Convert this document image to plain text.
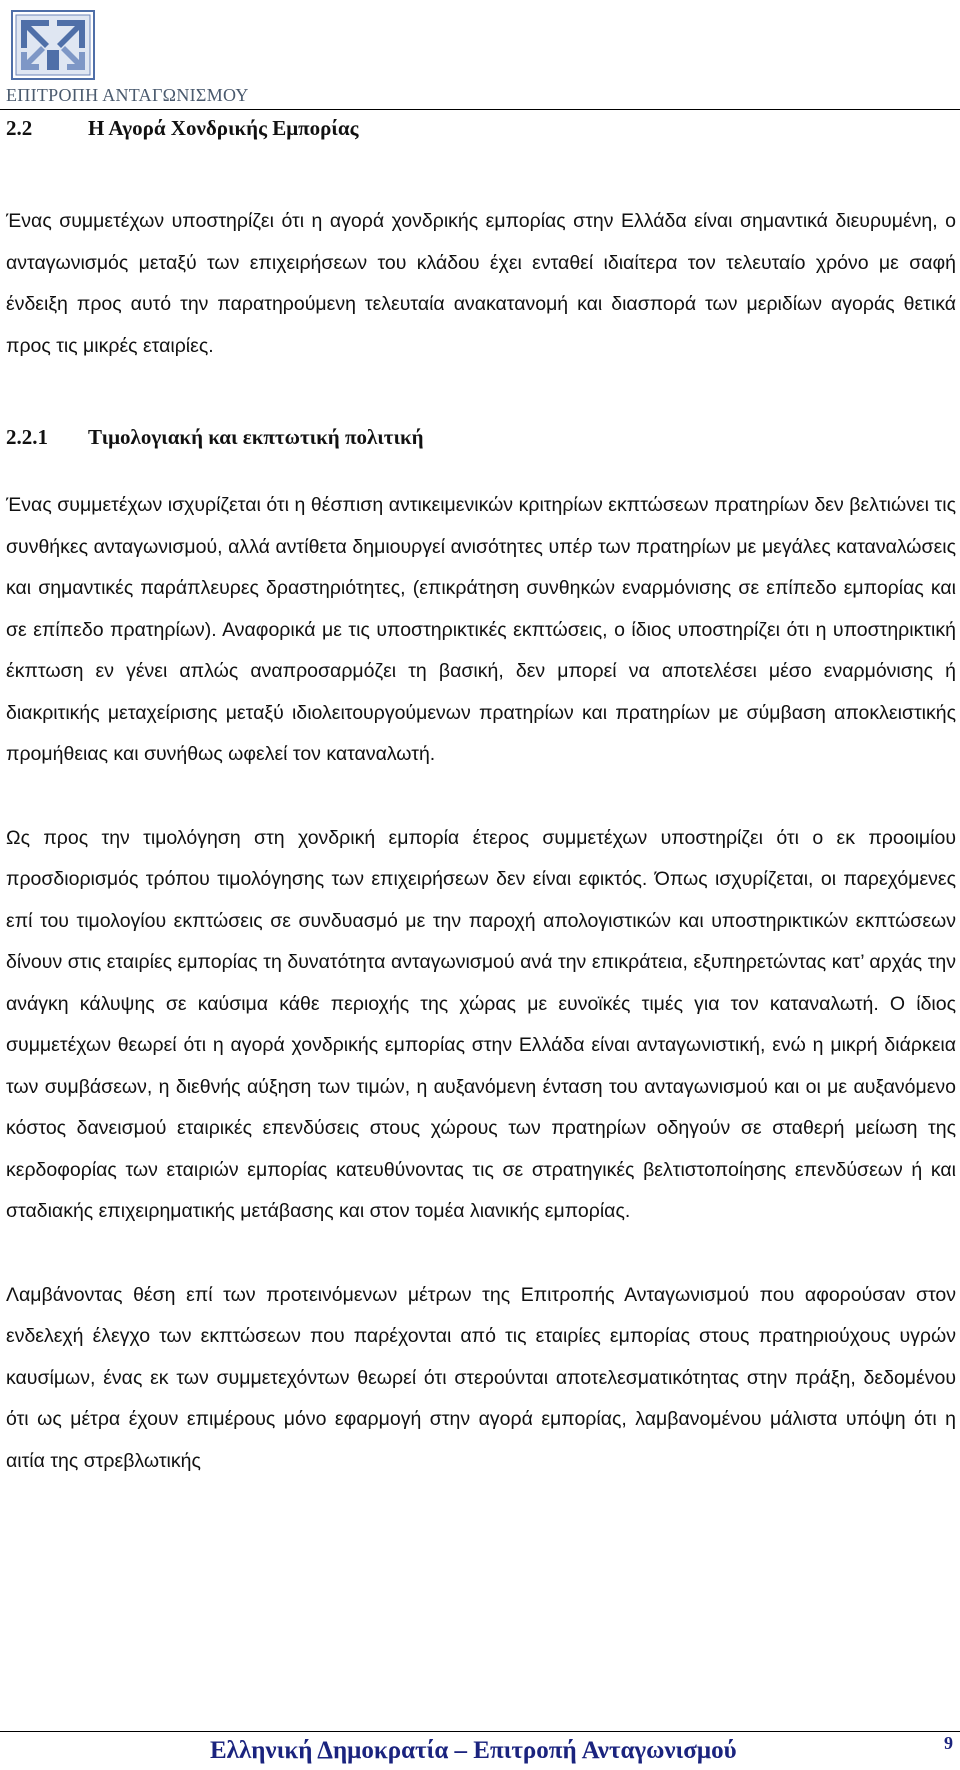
ΕΠΙΤΡΟΠΗ ΑΝΤΑΓΩΝΙΣΜΟΥ
2.2	Η Αγορά Χονδρικής Εμπορίας

Ένας συμμετέχων υποστηρίζει ότι η αγορά χονδρικής εμπορίας στην Ελλάδα είναι σημαντικά διευρυμένη, ο ανταγωνισμός μεταξύ των επιχειρήσεων του κλάδου έχει ενταθεί ιδιαίτερα τον τελευταίο χρόνο με σαφή ένδειξη προς αυτό την παρατηρούμενη τελευταία ανακατανομή και διασπορά των μεριδίων αγοράς θετικά προς τις μικρές εταιρίες.

2.2.1	Τιμολογιακή και εκπτωτική πολιτική

Ένας συμμετέχων ισχυρίζεται ότι η θέσπιση αντικειμενικών κριτηρίων εκπτώσεων πρατηρίων δεν βελτιώνει τις συνθήκες ανταγωνισμού, αλλά αντίθετα δημιουργεί ανισότητες υπέρ των πρατηρίων με μεγάλες καταναλώσεις και σημαντικές παράπλευρες δραστηριότητες, (επικράτηση συνθηκών εναρμόνισης σε επίπεδο εμπορίας και σε επίπεδο πρατηρίων). Αναφορικά με τις υποστηρικτικές εκπτώσεις, ο ίδιος υποστηρίζει ότι η υποστηρικτική έκπτωση εν γένει απλώς αναπροσαρμόζει τη βασική, δεν μπορεί να αποτελέσει μέσο εναρμόνισης ή διακριτικής μεταχείρισης μεταξύ ιδιολειτουργούμενων πρατηρίων και πρατηρίων με σύμβαση αποκλειστικής προμήθειας και συνήθως ωφελεί τον καταναλωτή.

Ως προς την τιμολόγηση στη χονδρική εμπορία έτερος συμμετέχων υποστηρίζει ότι ο εκ προοιμίου προσδιορισμός τρόπου τιμολόγησης των επιχειρήσεων δεν είναι εφικτός. Όπως ισχυρίζεται, οι παρεχόμενες επί του τιμολογίου εκπτώσεις σε συνδυασμό με την παροχή απολογιστικών και υποστηρικτικών εκπτώσεων δίνουν στις εταιρίες εμπορίας τη δυνατότητα ανταγωνισμού ανά την επικράτεια, εξυπηρετώντας κατ’ αρχάς την ανάγκη κάλυψης σε καύσιμα κάθε περιοχής της χώρας με ευνοϊκές τιμές για τον καταναλωτή. Ο ίδιος συμμετέχων θεωρεί ότι η αγορά χονδρικής εμπορίας στην Ελλάδα είναι ανταγωνιστική, ενώ η μικρή διάρκεια των συμβάσεων, η διεθνής αύξηση των τιμών, η αυξανόμενη ένταση του ανταγωνισμού και οι με αυξανόμενο κόστος δανεισμού εταιρικές επενδύσεις στους χώρους των πρατηρίων οδηγούν σε σταθερή μείωση της κερδοφορίας των εταιριών εμπορίας κατευθύνοντας τις σε στρατηγικές βελτιστοποίησης επενδύσεων ή και σταδιακής επιχειρηματικής μετάβασης και στον τομέα λιανικής εμπορίας.

Λαμβάνοντας θέση επί των προτεινόμενων μέτρων της Επιτροπής Ανταγωνισμού που αφορούσαν στον ενδελεχή έλεγχο των εκπτώσεων που παρέχονται από τις εταιρίες εμπορίας στους πρατηριούχους υγρών καυσίμων, ένας εκ των συμμετεχόντων θεωρεί ότι στερούνται αποτελεσματικότητας στην πράξη, δεδομένου ότι ως μέτρα έχουν επιμέρους μόνο εφαρμογή στην αγορά εμπορίας, λαμβανομένου μάλιστα υπόψη ότι η αιτία της στρεβλωτικής

Ελληνική Δημοκρατία – Επιτροπή Ανταγωνισμού	9
